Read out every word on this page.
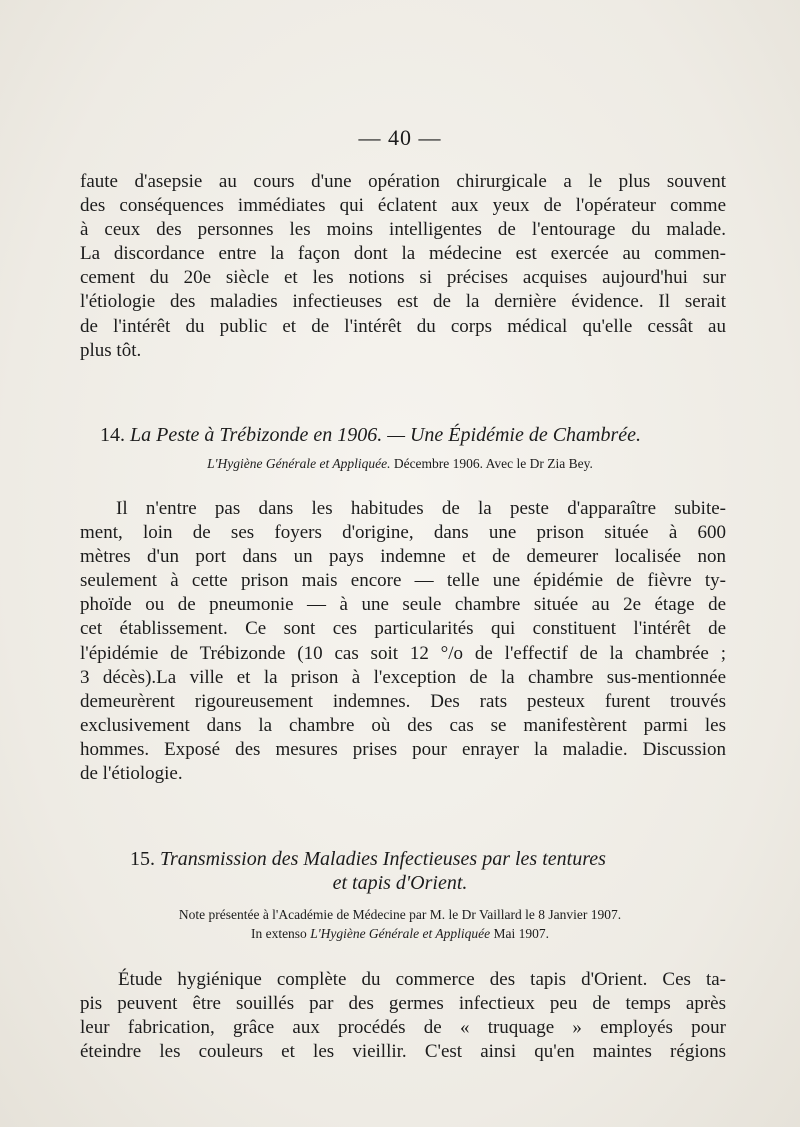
— 40 —
faute d'asepsie au cours d'une opération chirurgicale a le plus souvent
des conséquences immédiates qui éclatent aux yeux de l'opérateur comme
à ceux des personnes les moins intelligentes de l'entourage du malade.
La discordance entre la façon dont la médecine est exercée au commen-
cement du 20e siècle et les notions si précises acquises aujourd'hui sur
l'étiologie des maladies infectieuses est de la dernière évidence. Il serait
de l'intérêt du public et de l'intérêt du corps médical qu'elle cessât au
plus tôt.
14. La Peste à Trébizonde en 1906. — Une Épidémie de Chambrée.
L'Hygiène Générale et Appliquée. Décembre 1906. Avec le Dr Zia Bey.
Il n'entre pas dans les habitudes de la peste d'apparaître subite-
ment, loin de ses foyers d'origine, dans une prison située à 600
mètres d'un port dans un pays indemne et de demeurer localisée non
seulement à cette prison mais encore — telle une épidémie de fièvre ty-
phoïde ou de pneumonie — à une seule chambre située au 2e étage de
cet établissement. Ce sont ces particularités qui constituent l'intérêt de
l'épidémie de Trébizonde (10 cas soit 12 °/o de l'effectif de la chambrée ;
3 décès).La ville et la prison à l'exception de la chambre sus-mentionnée
demeurèrent rigoureusement indemnes. Des rats pesteux furent trouvés
exclusivement dans la chambre où des cas se manifestèrent parmi les
hommes. Exposé des mesures prises pour enrayer la maladie. Discussion
de l'étiologie.
15. Transmission des Maladies Infectieuses par les tentures
et tapis d'Orient.
Note présentée à l'Académie de Médecine par M. le Dr Vaillard le 8 Janvier 1907.
In extenso L'Hygiène Générale et Appliquée Mai 1907.
Étude hygiénique complète du commerce des tapis d'Orient. Ces ta-
pis peuvent être souillés par des germes infectieux peu de temps après
leur fabrication, grâce aux procédés de « truquage » employés pour
éteindre les couleurs et les vieillir. C'est ainsi qu'en maintes régions
